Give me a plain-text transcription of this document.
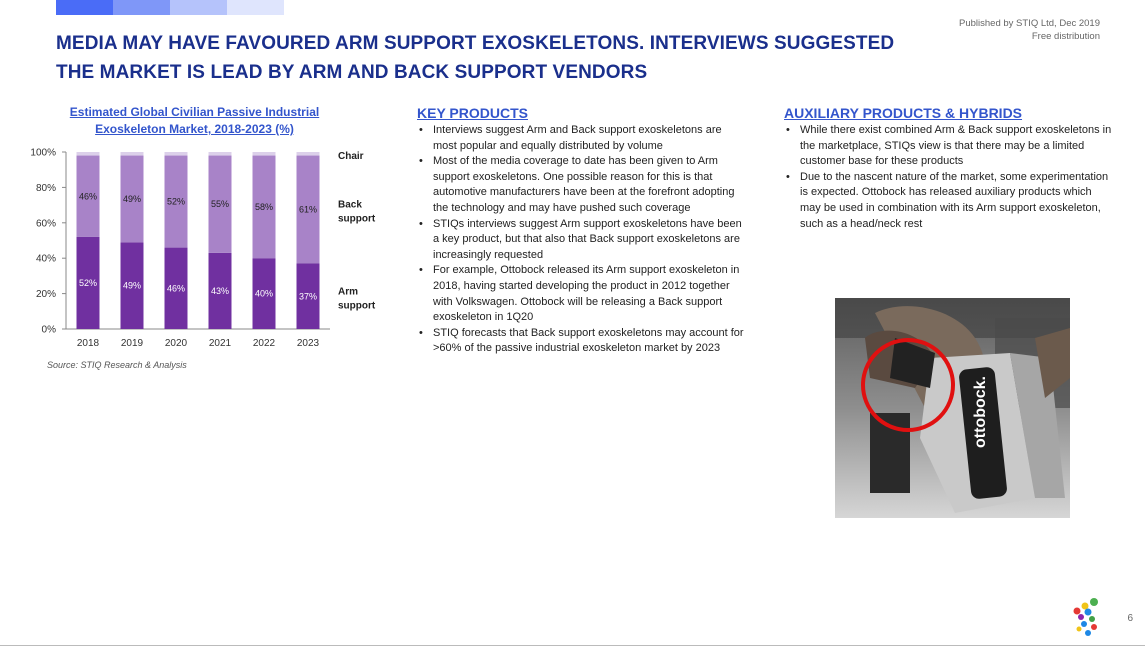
Published by STIQ Ltd, Dec 2019
Free distribution
MEDIA MAY HAVE FAVOURED ARM SUPPORT EXOSKELETONS. INTERVIEWS SUGGESTED
THE MARKET IS LEAD BY ARM AND BACK SUPPORT VENDORS
Estimated Global Civilian Passive Industrial
Exoskeleton Market, 2018-2023 (%)
0%
20%
40%
60%
80%
100%
52%
46%
2018
49%
49%
2019
46%
52%
2020
43%
55%
2021
40%
58%
2022
37%
61%
2023
Arm support
Back support
Chair
Source: STIQ Research & Analysis
KEY PRODUCTS
• Interviews suggest Arm and Back support exoskeletons are most popular and equally distributed by volume
• Most of the media coverage to date has been given to Arm support exoskeletons. One possible reason for this is that automotive manufacturers have been at the forefront adopting the technology and may have pushed such coverage
• STIQs interviews suggest Arm support exoskeletons have been a key product, but that also that Back support exoskeletons are increasingly requested
• For example, Ottobock released its Arm support exoskeleton in 2018, having started developing the product in 2012 together with Volkswagen. Ottobock will be releasing a Back support exoskeleton in 1Q20
• STIQ forecasts that Back support exoskeletons may account for >60% of the passive industrial exoskeleton market by 2023
AUXILIARY PRODUCTS & HYBRIDS
• While there exist combined Arm & Back support exoskeletons in the marketplace, STIQs view is that there may be a limited customer base for these products
• Due to the nascent nature of the market, some experimentation is expected. Ottobock has released auxiliary products which may be used in combination with its Arm support exoskeleton, such as a head/neck rest
ottobock.
6
